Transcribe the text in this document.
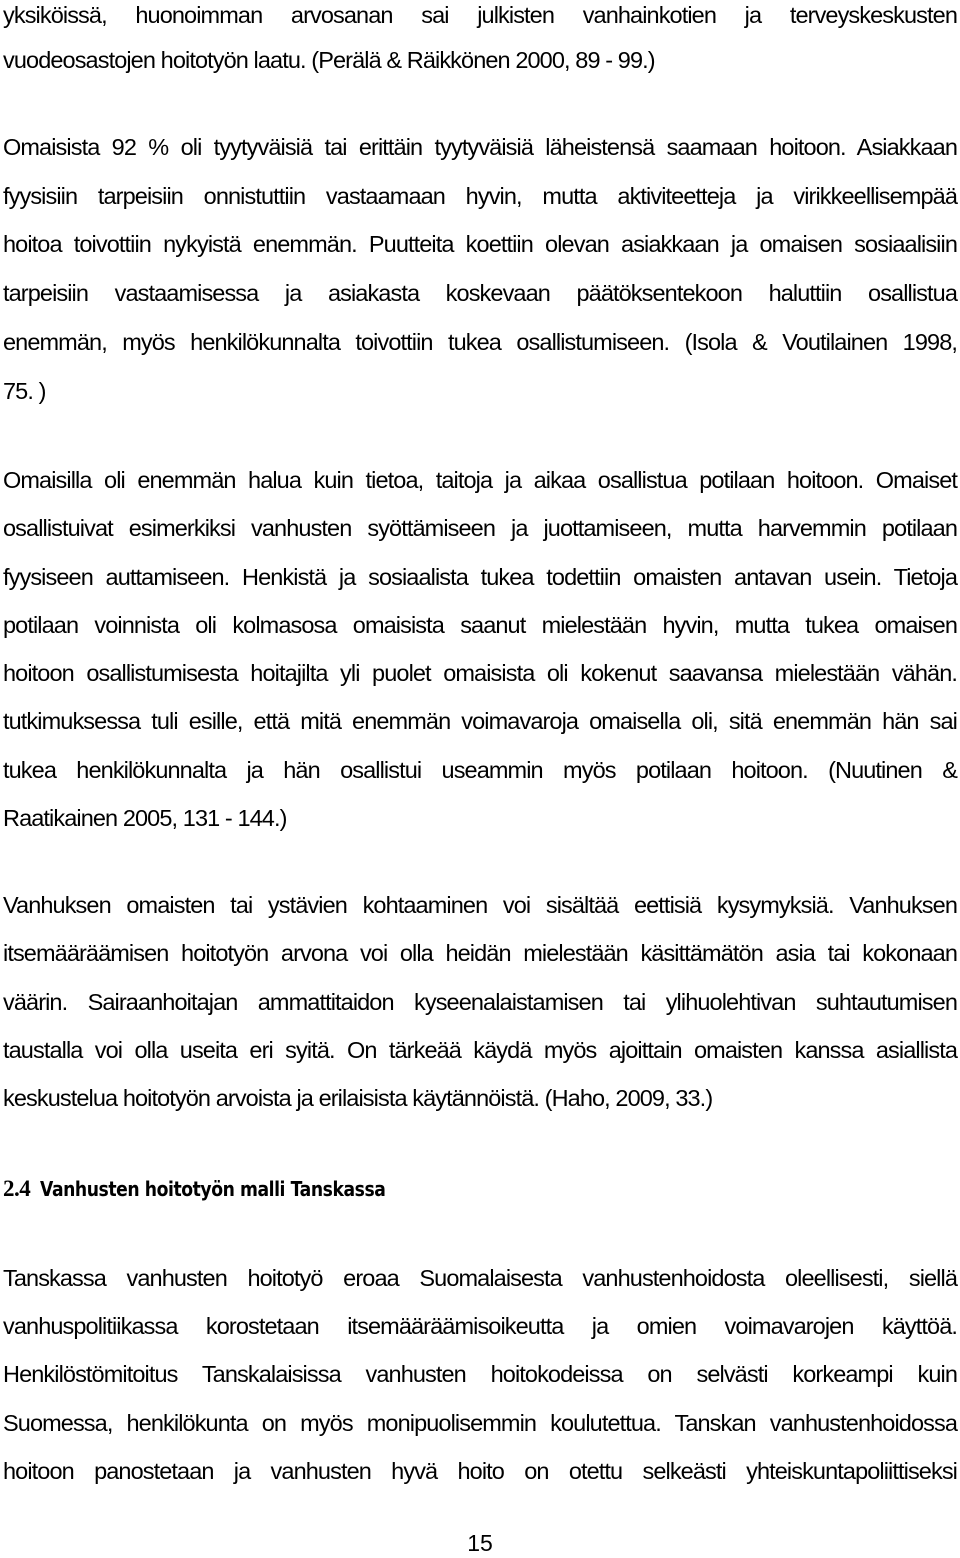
yksiköissä, huonoimman arvosanan sai julkisten vanhainkotien ja terveyskeskusten
vuodeosastojen hoitotyön laatu. (Perälä & Räikkönen 2000, 89 - 99.)
Omaisista 92 % oli tyytyväisiä tai erittäin tyytyväisiä läheistensä saamaan hoitoon. Asiakkaan
fyysisiin tarpeisiin onnistuttiin vastaamaan hyvin, mutta aktiviteetteja ja virikkeellisempää
hoitoa toivottiin nykyistä enemmän. Puutteita koettiin olevan asiakkaan ja omaisen sosiaalisiin
tarpeisiin vastaamisessa ja asiakasta koskevaan päätöksentekoon haluttiin osallistua
enemmän, myös henkilökunnalta toivottiin tukea osallistumiseen. (Isola & Voutilainen 1998,
75. )
Omaisilla oli enemmän halua kuin tietoa, taitoja ja aikaa osallistua potilaan hoitoon. Omaiset
osallistuivat esimerkiksi vanhusten syöttämiseen ja juottamiseen, mutta harvemmin potilaan
fyysiseen auttamiseen. Henkistä ja sosiaalista tukea todettiin omaisten antavan usein. Tietoja
potilaan voinnista oli kolmasosa omaisista saanut mielestään hyvin, mutta tukea omaisen
hoitoon osallistumisesta hoitajilta yli puolet omaisista oli kokenut saavansa mielestään vähän.
tutkimuksessa tuli esille, että mitä enemmän voimavaroja omaisella oli, sitä enemmän hän sai
tukea henkilökunnalta ja hän osallistui useammin myös potilaan hoitoon. (Nuutinen &
Raatikainen 2005, 131 - 144.)
Vanhuksen omaisten tai ystävien kohtaaminen voi sisältää eettisiä kysymyksiä. Vanhuksen
itsemääräämisen hoitotyön arvona voi olla heidän mielestään käsittämätön asia tai kokonaan
väärin. Sairaanhoitajan ammattitaidon kyseenalaistamisen tai ylihuolehtivan suhtautumisen
taustalla voi olla useita eri syitä. On tärkeää käydä myös ajoittain omaisten kanssa asiallista
keskustelua hoitotyön arvoista ja erilaisista käytännöistä. (Haho, 2009, 33.)
2.4 Vanhusten hoitotyön malli Tanskassa
Tanskassa vanhusten hoitotyö eroaa Suomalaisesta vanhustenhoidosta oleellisesti, siellä
vanhuspolitiikassa korostetaan itsemääräämisoikeutta ja omien voimavarojen käyttöä.
Henkilöstömitoitus Tanskalaisissa vanhusten hoitokodeissa on selvästi korkeampi kuin
Suomessa, henkilökunta on myös monipuolisemmin koulutettua. Tanskan vanhustenhoidossa
hoitoon panostetaan ja vanhusten hyvä hoito on otettu selkeästi yhteiskuntapoliittiseksi
15
